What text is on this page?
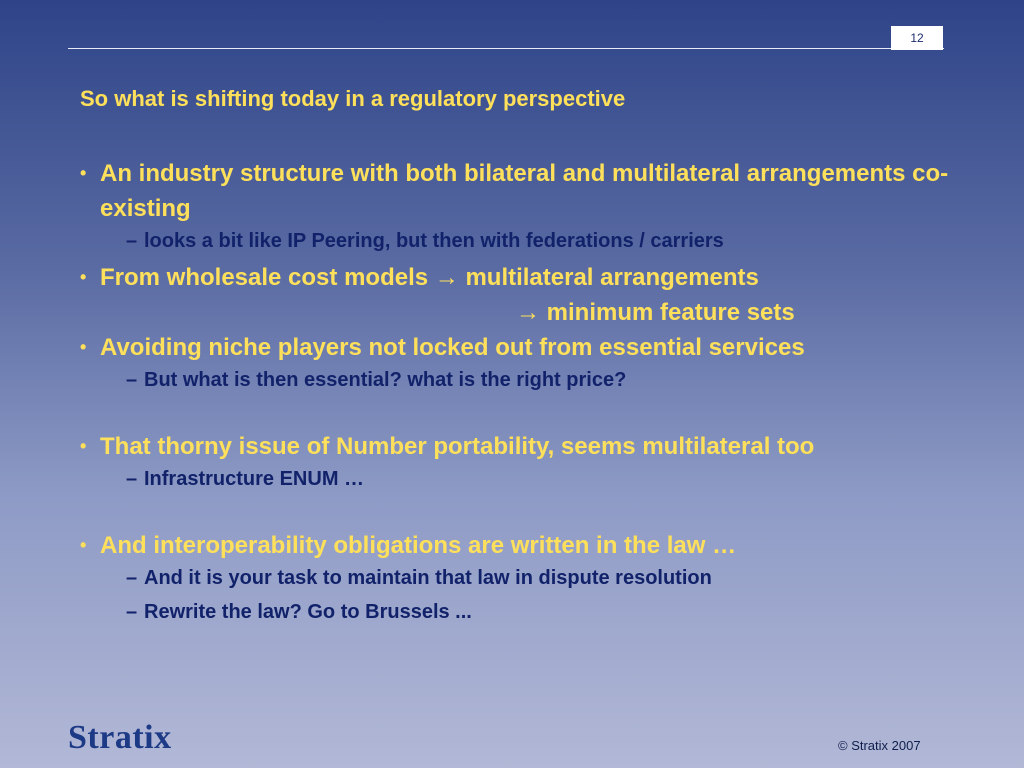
12
So what is shifting today in a regulatory perspective
• An industry structure with both bilateral and multilateral arrangements co-existing
– looks a bit like IP Peering, but then with federations / carriers
• From wholesale cost models → multilateral arrangements
→ minimum feature sets
• Avoiding niche players not locked out from essential services
– But what is then essential? what is the right price?
• That thorny issue of Number portability, seems multilateral too
– Infrastructure ENUM …
• And interoperability obligations are written in the law …
– And it is your task to maintain that law in dispute resolution
– Rewrite the law? Go to Brussels ...
Stratix	© Stratix 2007
